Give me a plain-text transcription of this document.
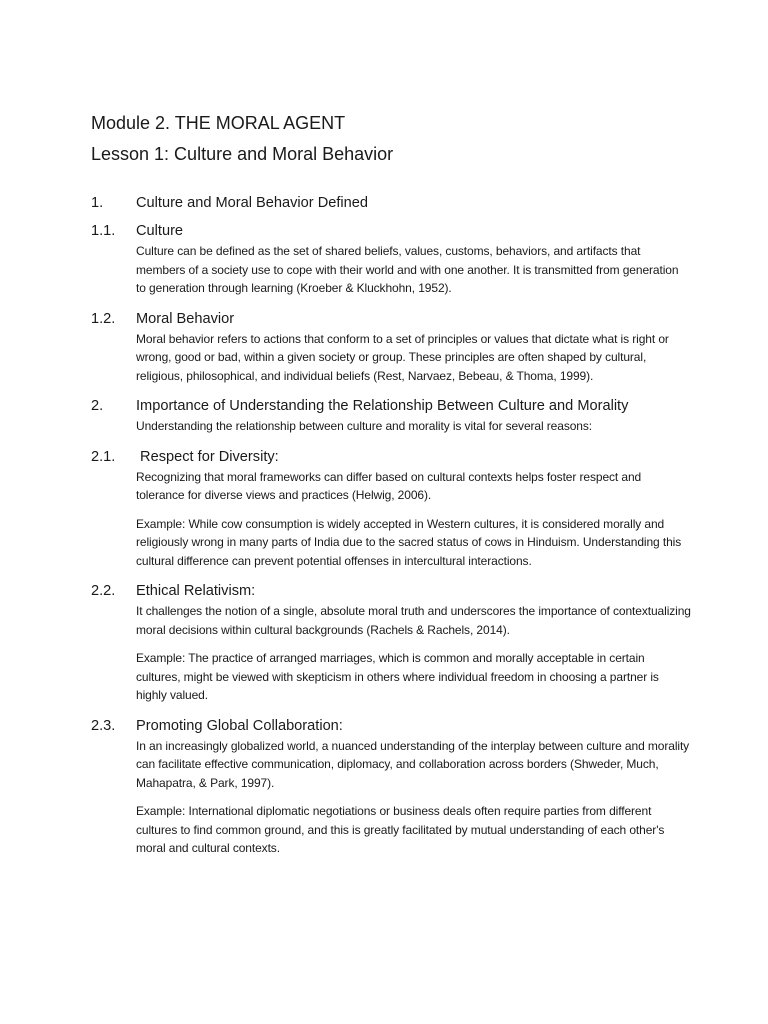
Module 2. THE MORAL AGENT
Lesson 1: Culture and Moral Behavior
1.	Culture and Moral Behavior Defined
1.1.	Culture

Culture can be defined as the set of shared beliefs, values, customs, behaviors, and artifacts that members of a society use to cope with their world and with one another. It is transmitted from generation to generation through learning (Kroeber & Kluckhohn, 1952).

1.2.	Moral Behavior

Moral behavior refers to actions that conform to a set of principles or values that dictate what is right or wrong, good or bad, within a given society or group. These principles are often shaped by cultural, religious, philosophical, and individual beliefs (Rest, Narvaez, Bebeau, & Thoma, 1999).

2.	Importance of Understanding the Relationship Between Culture and Morality

Understanding the relationship between culture and morality is vital for several reasons:

2.1.	Respect for Diversity:

Recognizing that moral frameworks can differ based on cultural contexts helps foster respect and tolerance for diverse views and practices (Helwig, 2006).

Example: While cow consumption is widely accepted in Western cultures, it is considered morally and religiously wrong in many parts of India due to the sacred status of cows in Hinduism. Understanding this cultural difference can prevent potential offenses in intercultural interactions.

2.2.	Ethical Relativism:

It challenges the notion of a single, absolute moral truth and underscores the importance of contextualizing moral decisions within cultural backgrounds (Rachels & Rachels, 2014).

Example: The practice of arranged marriages, which is common and morally acceptable in certain cultures, might be viewed with skepticism in others where individual freedom in choosing a partner is highly valued.

2.3.	Promoting Global Collaboration:

In an increasingly globalized world, a nuanced understanding of the interplay between culture and morality can facilitate effective communication, diplomacy, and collaboration across borders (Shweder, Much, Mahapatra, & Park, 1997).

Example: International diplomatic negotiations or business deals often require parties from different cultures to find common ground, and this is greatly facilitated by mutual understanding of each other's moral and cultural contexts.
